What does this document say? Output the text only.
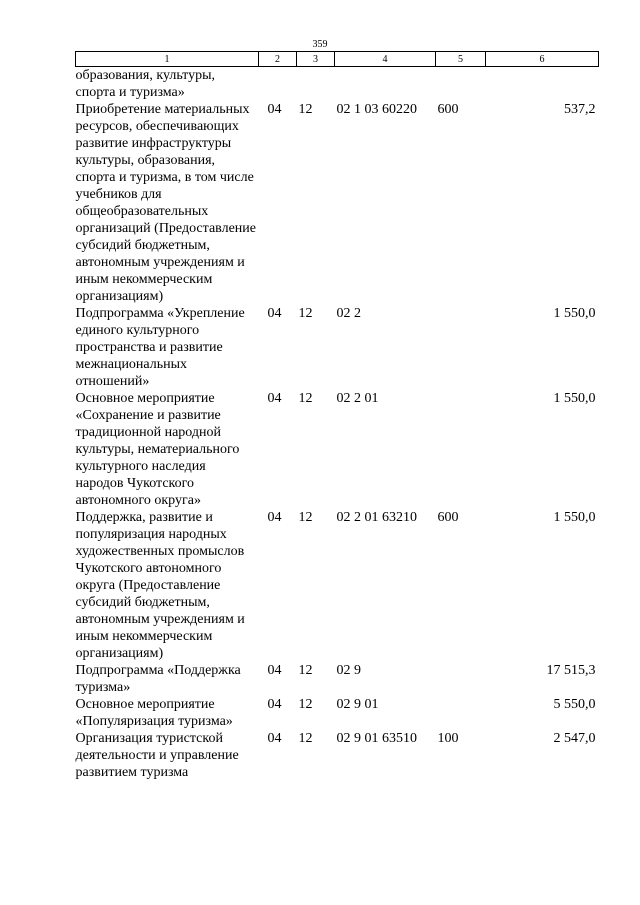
359
1	2	3	4	5	6
образования, культуры, спорта и туризма»					
Приобретение материальных ресурсов, обеспечивающих развитие инфраструктуры культуры, образования, спорта и туризма, в том числе учебников для общеобразовательных организаций (Предоставление субсидий бюджетным, автономным учреждениям и иным некоммерческим организациям)	04	12	02 1 03 60220	600	537,2
Подпрограмма «Укрепление единого культурного пространства и развитие межнациональных отношений»	04	12	02 2		1 550,0
Основное мероприятие «Сохранение и развитие традиционной народной культуры, нематериального культурного наследия народов Чукотского автономного округа»	04	12	02 2 01		1 550,0
Поддержка, развитие и популяризация народных художественных промыслов Чукотского автономного округа (Предоставление субсидий бюджетным, автономным учреждениям и иным некоммерческим организациям)	04	12	02 2 01 63210	600	1 550,0
Подпрограмма «Поддержка туризма»	04	12	02 9		17 515,3
Основное мероприятие «Популяризация туризма»	04	12	02 9 01		5 550,0
Организация туристской деятельности и управление развитием туризма	04	12	02 9 01 63510	100	2 547,0
